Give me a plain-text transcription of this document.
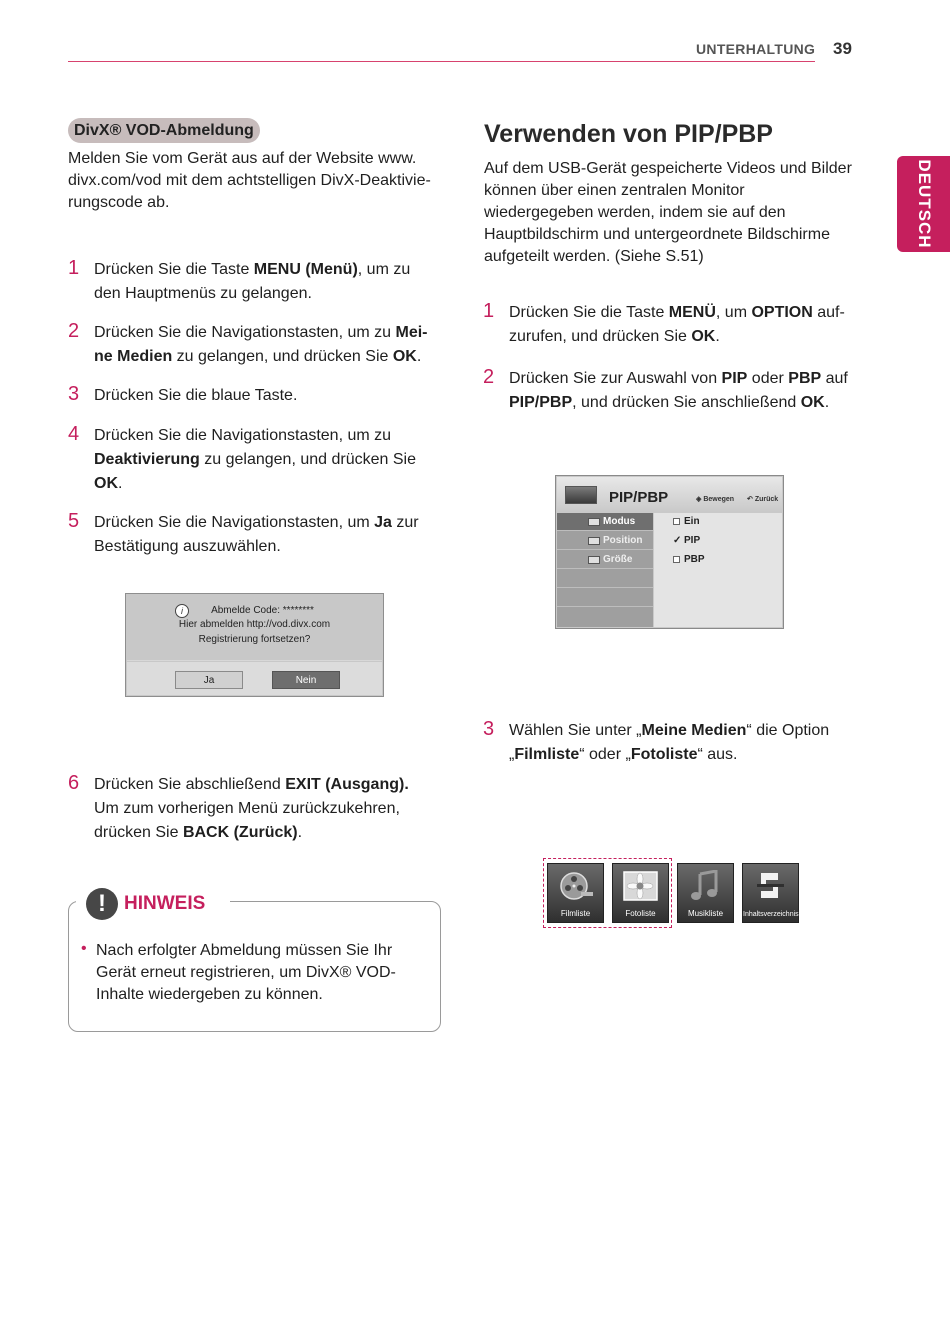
UNTERHALTUNG 39
DEUTSCH
DivX® VOD-Abmeldung
Melden Sie vom Gerät aus auf der Website www. divx.com/vod mit dem achtstelligen DivX-Deaktivie-rungscode ab.
1 Drücken Sie die Taste MENU (Menü), um zu
den Hauptmenüs zu gelangen.
2 Drücken Sie die Navigationstasten, um zu Mei-
ne Medien zu gelangen, und drücken Sie OK.
3 Drücken Sie die blaue Taste.
4 Drücken Sie die Navigationstasten, um zu
Deaktivierung zu gelangen, und drücken Sie
OK.
5 Drücken Sie die Navigationstasten, um Ja zur
Bestätigung auszuwählen.
i	Abmelde Code: ********
Hier abmelden http://vod.divx.com
Registrierung fortsetzen?
Ja	Nein
6 Drücken Sie abschließend EXIT (Ausgang).
Um zum vorherigen Menü zurückzukehren,
drücken Sie BACK (Zurück).
! HINWEIS
• Nach erfolgter Abmeldung müssen Sie Ihr Gerät erneut registrieren, um DivX® VOD-Inhalte wiedergeben zu können.
Verwenden von PIP/PBP
Auf dem USB-Gerät gespeicherte Videos und Bilder können über einen zentralen Monitor wiedergegeben werden, indem sie auf den Hauptbildschirm und untergeordnete Bildschirme aufgeteilt werden. (Siehe S.51)
1 Drücken Sie die Taste MENÜ, um OPTION auf-
zurufen, und drücken Sie OK.
2 Drücken Sie zur Auswahl von PIP oder PBP auf
PIP/PBP, und drücken Sie anschließend OK.
PIP/PBP	◈ Bewegen ↶ Zurück
Modus
Position
Größe
Ein
✓ PIP
PBP
3 Wählen Sie unter „Meine Medien“ die Option
„Filmliste“ oder „Fotoliste“ aus.
Filmliste	Fotoliste	Musikliste	Inhaltsverzeichnis
